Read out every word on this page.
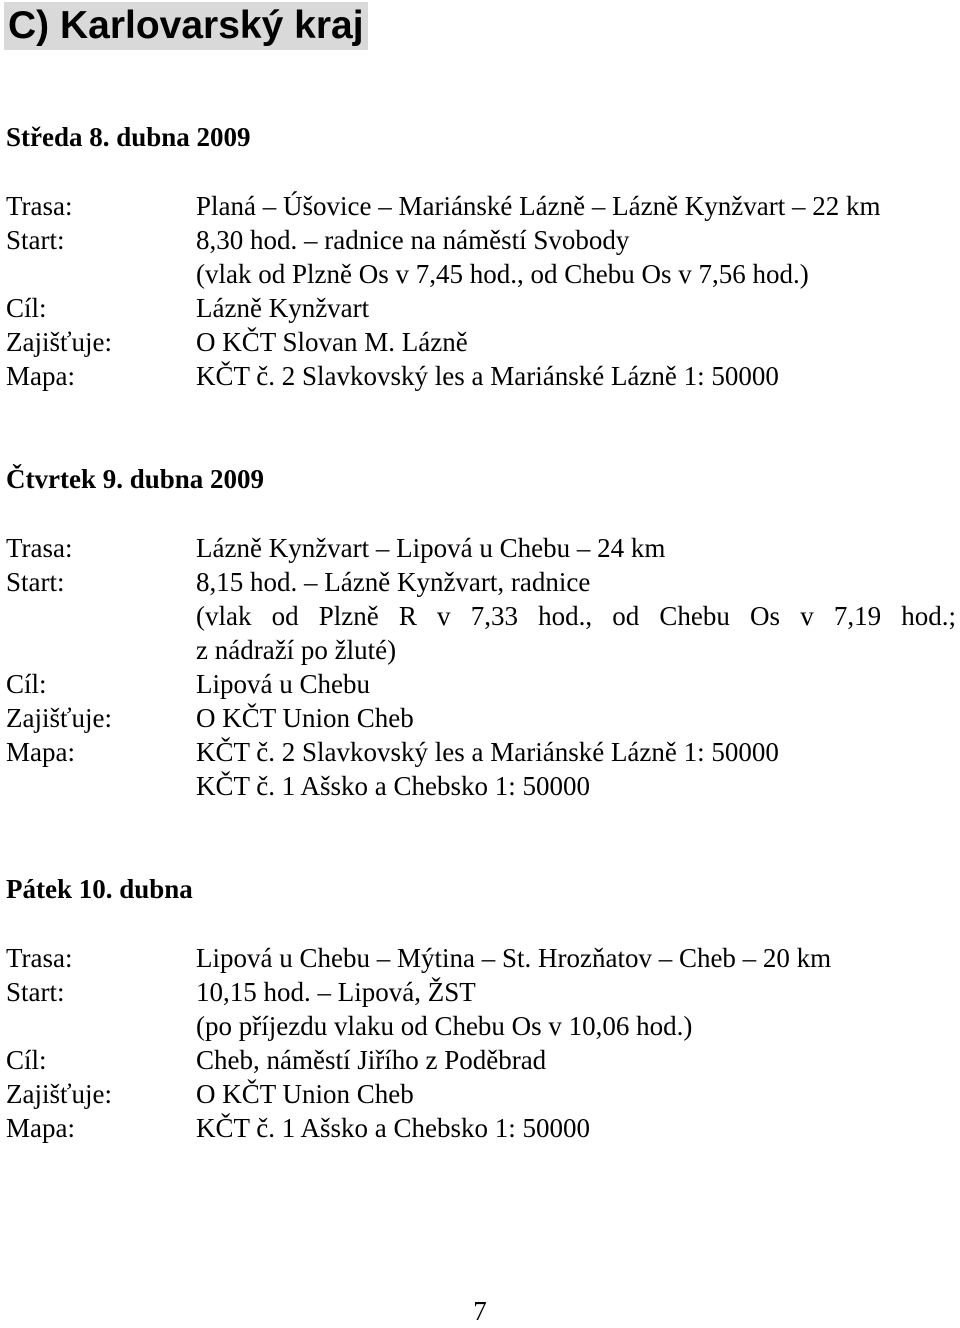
C) Karlovarský kraj
Středa 8. dubna 2009
Trasa:	Planá – Úšovice – Mariánské Lázně – Lázně Kynžvart – 22 km
Start:	8,30 hod. – radnice na náměstí Svobody
(vlak od Plzně Os v 7,45 hod., od Chebu Os v 7,56 hod.)
Cíl:	Lázně Kynžvart
Zajišťuje:	O KČT Slovan M. Lázně
Mapa:	KČT č. 2 Slavkovský les a Mariánské Lázně 1: 50000
Čtvrtek 9. dubna 2009
Trasa:	Lázně Kynžvart – Lipová u Chebu – 24 km
Start:	8,15 hod. – Lázně Kynžvart, radnice
(vlak od Plzně R v 7,33 hod., od Chebu Os v 7,19 hod.;
z nádraží po žluté)
Cíl:	Lipová u Chebu
Zajišťuje:	O KČT Union Cheb
Mapa:	KČT č. 2 Slavkovský les a Mariánské Lázně 1: 50000
KČT č. 1 Ašsko a Chebsko 1: 50000
Pátek 10. dubna
Trasa:	Lipová u Chebu – Mýtina – St. Hrozňatov – Cheb – 20 km
Start:	10,15 hod. – Lipová, ŽST
(po příjezdu vlaku od Chebu Os v 10,06 hod.)
Cíl:	Cheb, náměstí Jiřího z Poděbrad
Zajišťuje:	O KČT Union Cheb
Mapa:	KČT č. 1 Ašsko a Chebsko 1: 50000
7
